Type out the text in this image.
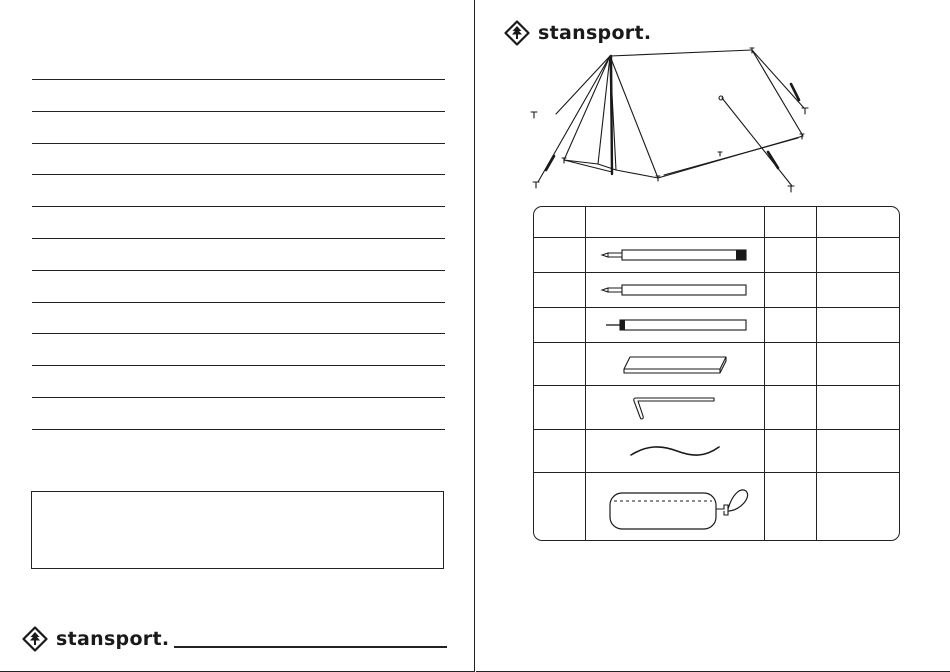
stansport.
stansport.
